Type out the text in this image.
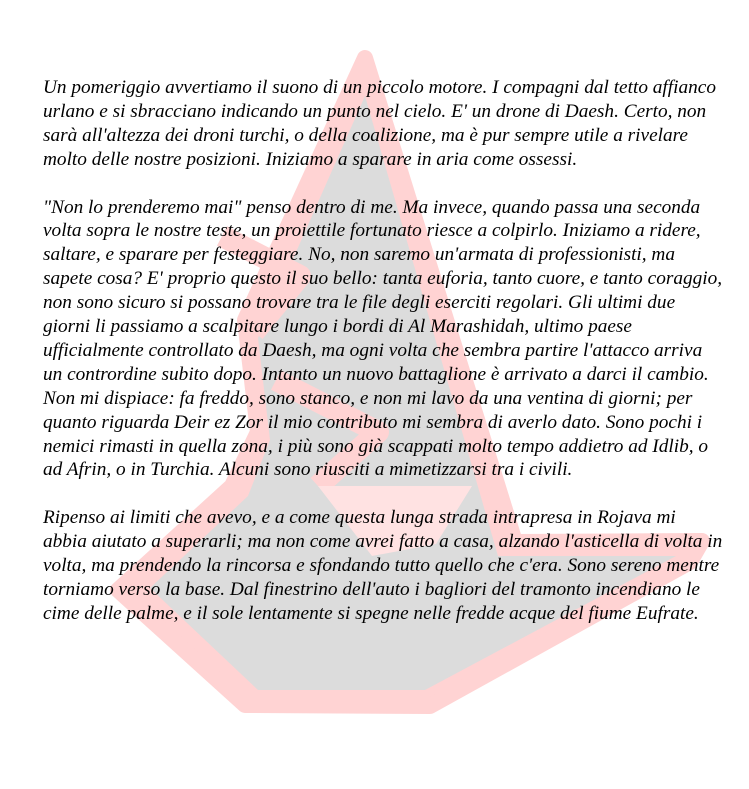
Un pomeriggio avvertiamo il suono di un piccolo motore. I compagni dal tetto affianco urlano e si sbracciano indicando un punto nel cielo. E' un drone di Daesh. Certo, non sarà all'altezza dei droni turchi, o della coalizione, ma è pur sempre utile a rivelare molto delle nostre posizioni. Iniziamo a sparare in aria come ossessi.

"Non lo prenderemo mai" penso dentro di me. Ma invece, quando passa una seconda volta sopra le nostre teste, un proiettile fortunato riesce a colpirlo. Iniziamo a ridere, saltare, e sparare per festeggiare. No, non saremo un'armata di professionisti, ma sapete cosa? E' proprio questo il suo bello: tanta euforia, tanto cuore, e tanto coraggio, non sono sicuro si possano trovare tra le file degli eserciti regolari. Gli ultimi due giorni li passiamo a scalpitare lungo i bordi di Al Marashidah, ultimo paese ufficialmente controllato da Daesh, ma ogni volta che sembra partire l'attacco arriva un contrordine subito dopo. Intanto un nuovo battaglione è arrivato a darci il cambio. Non mi dispiace: fa freddo, sono stanco, e non mi lavo da una ventina di giorni; per quanto riguarda Deir ez Zor il mio contributo mi sembra di averlo dato. Sono pochi i nemici rimasti in quella zona, i più sono già scappati molto tempo addietro ad Idlib, o ad Afrin, o in Turchia. Alcuni sono riusciti a mimetizzarsi tra i civili.

Ripenso ai limiti che avevo, e a come questa lunga strada intrapresa in Rojava mi abbia aiutato a superarli; ma non come avrei fatto a casa, alzando l'asticella di volta in volta, ma prendendo la rincorsa e sfondando tutto quello che c'era. Sono sereno mentre torniamo verso la base. Dal finestrino dell'auto i bagliori del tramonto incendiano le cime delle palme, e il sole lentamente si spegne nelle fredde acque del fiume Eufrate.
